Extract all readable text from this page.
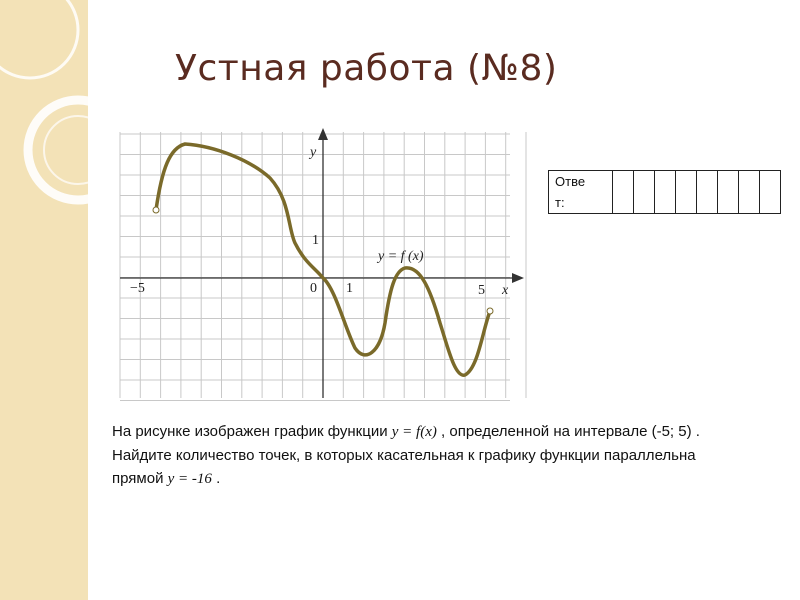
Устная работа (№8)
y
x
−5	0 1	5
1
y = f (x)
Отве
т:								
На рисунке изображен график функции y = f(x) , определенной на интервале (-5; 5) . Найдите количество точек, в которых касательная к графику функции параллельна прямой y = -16 .
